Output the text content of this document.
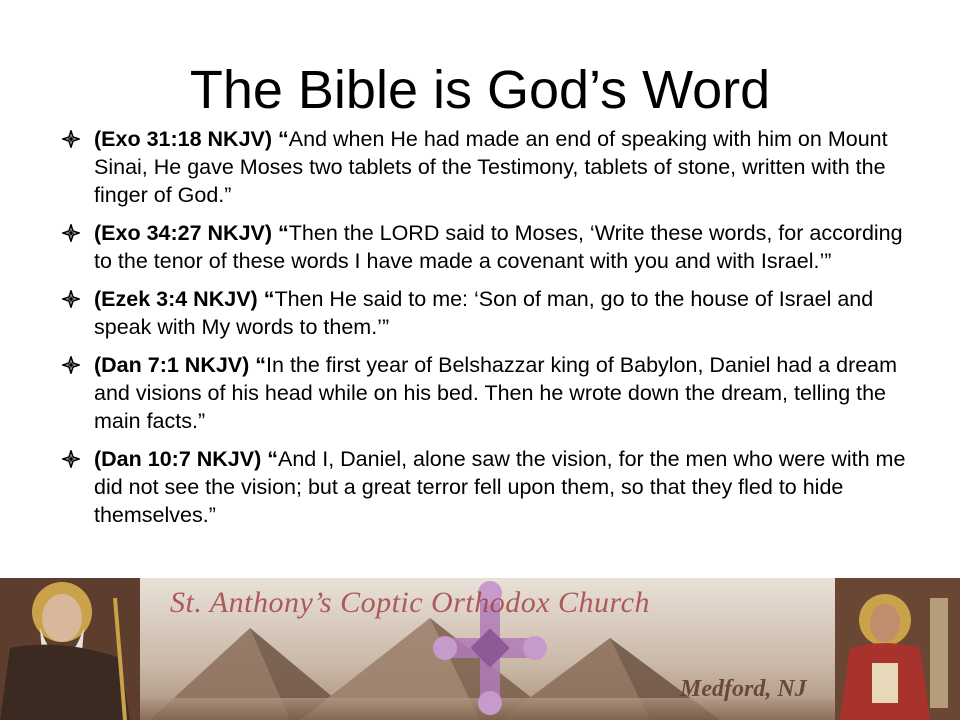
The Bible is God’s Word
(Exo 31:18 NKJV) “And when He had made an end of speaking with him on Mount Sinai, He gave Moses two tablets of the Testimony, tablets of stone, written with the finger of God.”
(Exo 34:27 NKJV) “Then the LORD said to Moses, ‘Write these words, for according to the tenor of these words I have made a covenant with you and with Israel.’”
(Ezek 3:4 NKJV) “Then He said to me: ‘Son of man, go to the house of Israel and speak with My words to them.’”
(Dan 7:1 NKJV) “In the first year of Belshazzar king of Babylon, Daniel had a dream and visions of his head while on his bed. Then he wrote down the dream, telling the main facts.”
(Dan 10:7 NKJV) “And I, Daniel, alone saw the vision, for the men who were with me did not see the vision; but a great terror fell upon them, so that they fled to hide themselves.”
St. Anthony’s Coptic Orthodox Church
Medford, NJ
